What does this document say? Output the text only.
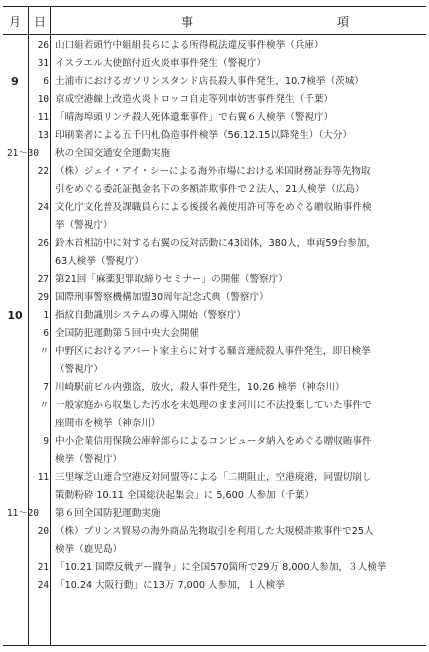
月 日	事	項
26 山口組若頭竹中組組長らによる所得税法違反事件検挙（兵庫）
31 イスラエル大使館付近火炎車事件発生（警視庁）
9	6 土浦市におけるガソリンスタンド店長殺人事件発生，10.7検挙（茨城）
10 京成空港線上改造火炎トロッコ自走等列車妨害事件発生（千葉）
11 「晴海埠頭リンチ殺人死体遺棄事件」で右翼６人検挙（警視庁）
13 印刷業者による五千円札偽造事件検挙（56.12.15以降発生）（大分）
21～30	秋の全国交通安全運動実施
22 （株）ジェイ・アイ・シーによる海外市場における米国財務証券等先物取
引をめぐる委託証拠金名下の多額詐欺事件で２法人，21人検挙（広島）
24 文化庁文化普及課職員らによる後援名義使用許可等をめぐる贈収賄事件検
挙（警視庁）
26 鈴木首相訪中に対する右翼の反対活動に43団体，380人，車両59台参加，
63人検挙（警視庁）
27 第21回「麻薬犯罪取締りセミナー」の開催（警察庁）
29 国際刑事警察機構加盟30周年記念式典（警察庁）
10	1 指紋自動識別システムの導入開始（警察庁）
6 全国防犯運動第５回中央大会開催
〃 中野区におけるアパート家主らに対する騒音連続殺人事件発生，即日検挙
（警視庁）
7 川崎駅前ビル内強盗，放火，殺人事件発生，10.26 検挙（神奈川）
〃 一般家庭から収集した汚水を未処理のまま河川に不法投棄していた事件で
座間市を検挙（神奈川）
9 中小企業信用保険公庫幹部らによるコンピュータ納入をめぐる贈収賄事件
検挙（警視庁）
11 三里塚芝山連合空港反対同盟等による「二期阻止，空港廃港，同盟切崩し
策動粉砕 10.11 全国総決起集会」に 5,600 人参加（千葉）
11～20	第６回全国防犯運動実施
20 （株）プリンス貿易の海外商品先物取引を利用した大規模詐欺事件で25人
検挙（鹿児島）
21 「10.21 国際反戦デー闘争」に全国570箇所で29万 8,000人参加，３人検挙
24 「10.24 大阪行動」に13万 7,000 人参加，１人検挙
